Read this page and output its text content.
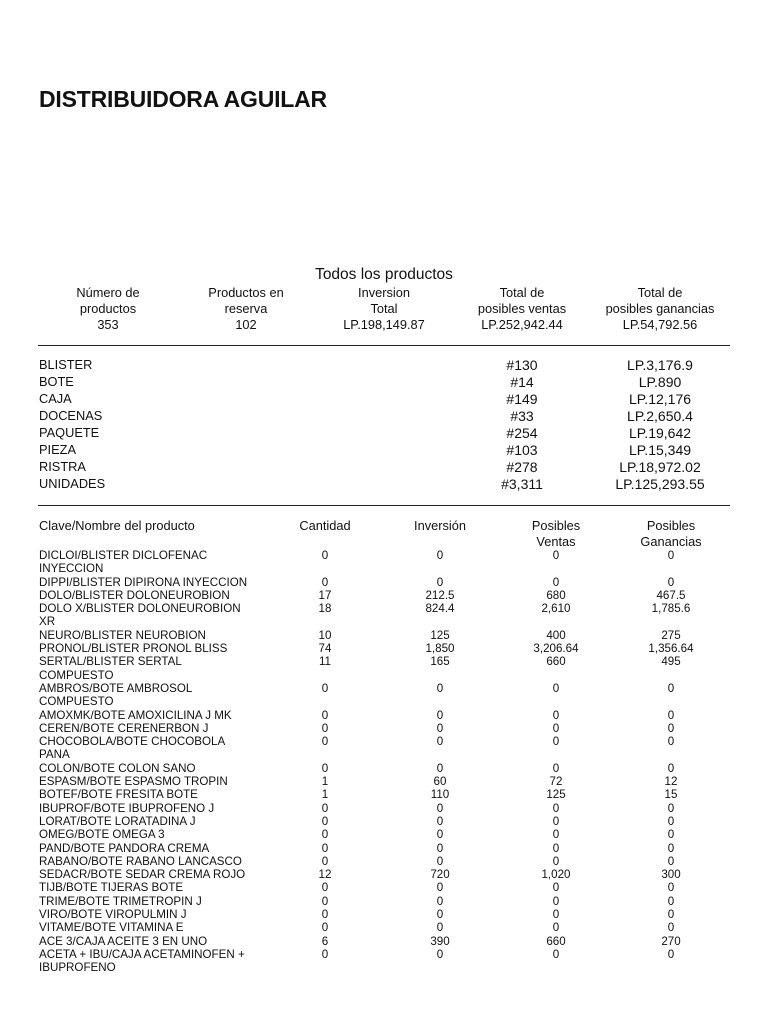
DISTRIBUIDORA AGUILAR
Todos los productos
Número de
productos
353
Productos en
reserva
102
Inversion
Total
LP.198,149.87
Total de
posibles ventas
LP.252,942.44
Total de
posibles ganancias
LP.54,792.56
BLISTER	#130	LP.3,176.9
BOTE	#14	LP.890
CAJA	#149	LP.12,176
DOCENAS	#33	LP.2,650.4
PAQUETE	#254	LP.19,642
PIEZA	#103	LP.15,349
RISTRA	#278	LP.18,972.02
UNIDADES	#3,311	LP.125,293.55
Clave/Nombre del producto	Cantidad	Inversión	Posibles
Ventas
Posibles
Ganancias
DICLOI/BLISTER DICLOFENAC INYECCION
0	0	0	0
DIPPI/BLISTER DIPIRONA INYECCION	0	0	0	0
DOLO/BLISTER DOLONEUROBION	17	212.5	680	467.5
DOLO X/BLISTER DOLONEUROBION XR
18	824.4	2,610	1,785.6
NEURO/BLISTER NEUROBION	10	125	400	275
PRONOL/BLISTER PRONOL BLISS	74	1,850	3,206.64	1,356.64
SERTAL/BLISTER SERTAL COMPUESTO
11	165	660	495
AMBROS/BOTE AMBROSOL COMPUESTO
0	0	0	0
AMOXMK/BOTE AMOXICILINA J MK	0	0	0	0
CEREN/BOTE CERENERBON J	0	0	0	0
CHOCOBOLA/BOTE CHOCOBOLA PANA
0	0	0	0
COLON/BOTE COLON SANO	0	0	0	0
ESPASM/BOTE ESPASMO TROPIN	1	60	72	12
BOTEF/BOTE FRESITA BOTE	1	110	125	15
IBUPROF/BOTE IBUPROFENO J	0	0	0	0
LORAT/BOTE LORATADINA J	0	0	0	0
OMEG/BOTE OMEGA 3	0	0	0	0
PAND/BOTE PANDORA CREMA	0	0	0	0
RABANO/BOTE RABANO LANCASCO	0	0	0	0
SEDACR/BOTE SEDAR CREMA ROJO	12	720	1,020	300
TIJB/BOTE TIJERAS BOTE	0	0	0	0
TRIME/BOTE TRIMETROPIN J	0	0	0	0
VIRO/BOTE VIROPULMIN J	0	0	0	0
VITAME/BOTE VITAMINA E	0	0	0	0
ACE 3/CAJA ACEITE 3 EN UNO	6	390	660	270
ACETA + IBU/CAJA ACETAMINOFEN + IBUPROFENO
0	0	0	0
